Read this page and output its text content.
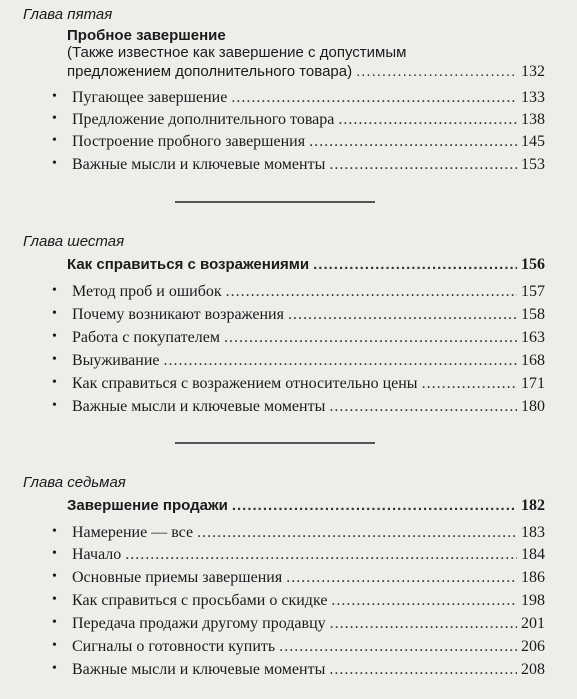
Глава пятая
Пробное завершение
(Также известное как завершение с допустимым
предложением дополнительного товара) .....	132
• Пугающее завершение .....	133
• Предложение дополнительного товара .....	138
• Построение пробного завершения .....	145
• Важные мысли и ключевые моменты .....	153
Глава шестая
Как справиться с возражениями .....	156
• Метод проб и ошибок .....	157
• Почему возникают возражения .....	158
• Работа с покупателем .....	163
• Выуживание .....	168
• Как справиться с возражением относительно цены .....	171
• Важные мысли и ключевые моменты .....	180
Глава седьмая
Завершение продажи .....	182
• Намерение — все .....	183
• Начало .....	184
• Основные приемы завершения .....	186
• Как справиться с просьбами о скидке .....	198
• Передача продажи другому продавцу .....	201
• Сигналы о готовности купить .....	206
• Важные мысли и ключевые моменты .....	208
